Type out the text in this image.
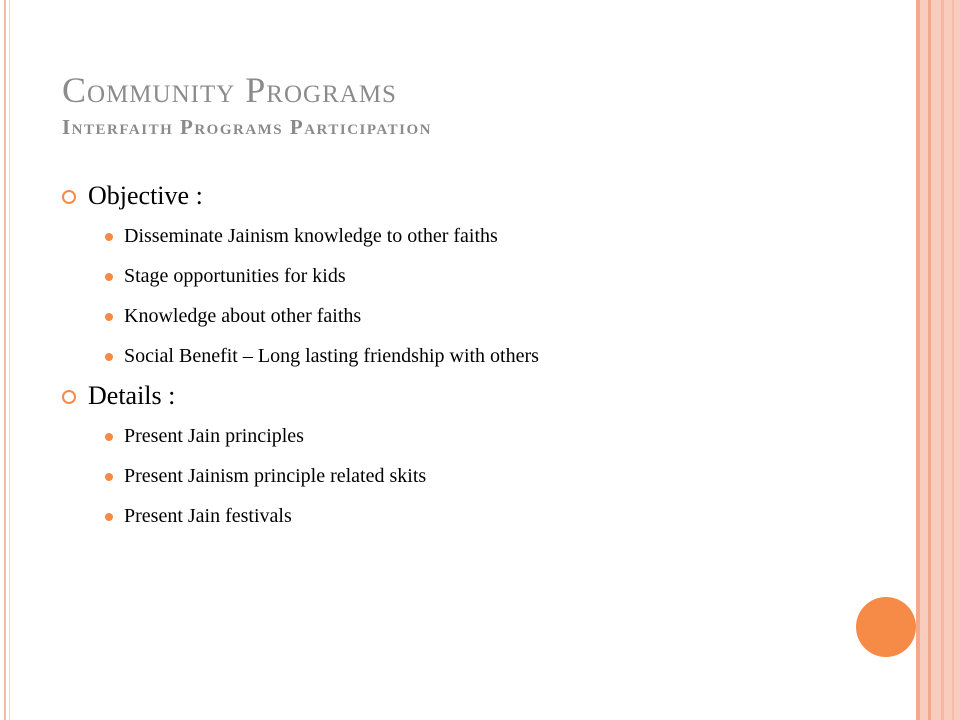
Community Programs
Interfaith Programs Participation
Objective :
Disseminate Jainism knowledge to other faiths
Stage opportunities for kids
Knowledge about other faiths
Social Benefit – Long lasting friendship with others
Details :
Present Jain principles
Present Jainism principle related skits
Present Jain festivals
